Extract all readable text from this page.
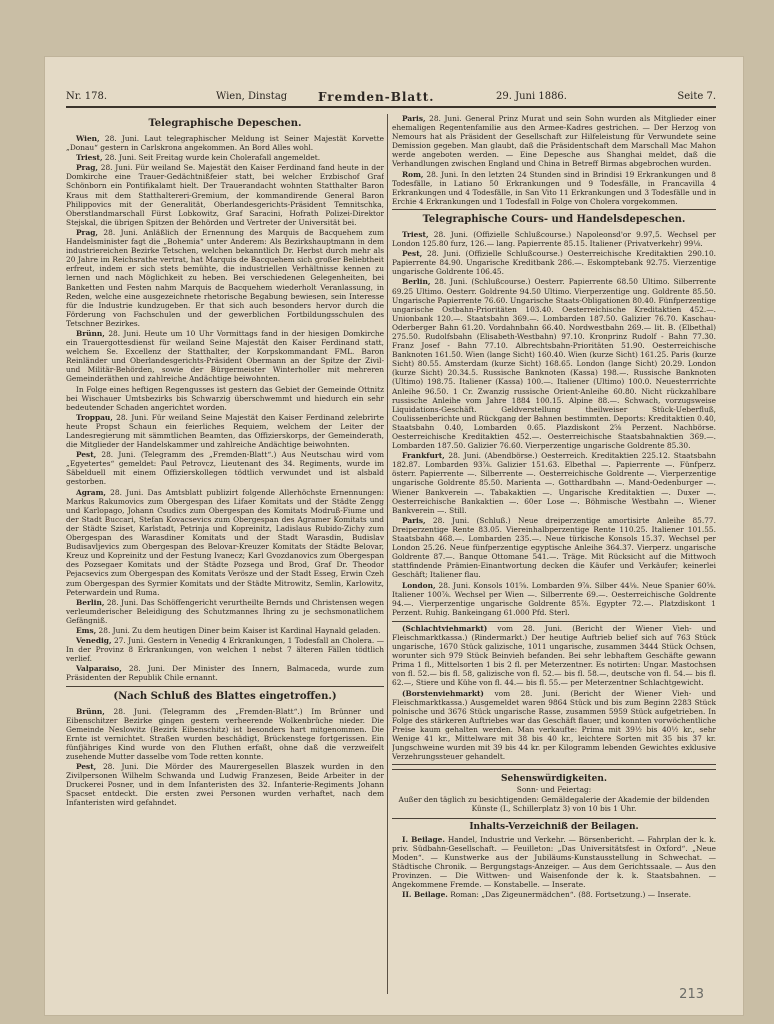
Nr. 178.	Wien, Dinstag	Fremden-Blatt.	29. Juni 1886.	Seite 7.
Telegraphische Depeschen.

Wien, 28. Juni. Laut telegraphischer Meldung ist Seiner Majestät Korvette „Donau“ gestern in Carlskrona angekommen. An Bord Alles wohl.

Triest, 28. Juni. Seit Freitag wurde kein Cholerafall angemeldet.

Prag, 28. Juni. Für weiland Se. Majestät den Kaiser Ferdinand fand heute in der Domkirche eine Trauer-Gedächtnißfeier statt, bei welcher Erzbischof Graf Schönborn ein Pontifikalamt hielt. Der Trauerandacht wohnten Statthalter Baron Kraus mit dem Statthaltereri-Gremium, der kommandirende General Baron Philippovics mit der Generalität, Oberlandesgerichts-Präsident Temnitschka, Oberstlandmarschall Fürst Lobkowitz, Graf Saracini, Hofrath Polizei-Direktor Stejskal, die übrigen Spitzen der Behörden und Vertreter der Universität bei.

Prag, 28. Juni. Anläßlich der Ernennung des Marquis de Bacquehem zum Handelsminister fagt die „Bohemia“ unter Anderem: Als Bezirkshauptmann in dem industriereichen Bezirke Tetschen, welchen bekanntlich Dr. Herbst durch mehr als 20 Jahre im Reichsrathe vertrat, hat Marquis de Bacquehem sich großer Beliebtheit erfreut, indem er sich stets bemühte, die industriellen Verhältnisse kennen zu lernen und nach Möglichkeit zu heben. Bei verschiedenen Gelegenheiten, bei Banketten und Festen nahm Marquis de Bacquehem wiederholt Veranlassung, in Reden, welche eine ausgezeichnete rhetorische Begabung bewiesen, sein Interesse für die Industrie kundzugeben. Er that sich auch besonders hervor durch die Förderung von Fachschulen und der gewerblichen Fortbildungsschulen des Tetschner Bezirkes.

Brünn, 28. Juni. Heute um 10 Uhr Vormittags fand in der hiesigen Domkirche ein Trauergottesdienst für weiland Seine Majestät den Kaiser Ferdinand statt, welchem Se. Excellenz der Statthalter, der Korpskommandant FML. Baron Reinländer und Oberlandesgerichts-Präsident Obermann an der Spitze der Zivil- und Militär-Behörden, sowie der Bürgermeister Winterholler mit mehreren Gemeinderäthen und zahlreiche Andächtige beiwohnten.

In Folge eines heftigen Regengusses ist gestern das Gebiet der Gemeinde Ottnitz bei Wischauer Umtsbezirks bis Schwarzig überschwemmt und hiedurch ein sehr bedeutender Schaden angerichtet worden.

Troppau, 28. Juni. Für weiland Seine Majestät den Kaiser Ferdinand zelebrirte heute Propst Schaun ein feierliches Requiem, welchem der Leiter der Landesregierung mit sämmtlichen Beamten, das Offizierskorps, der Gemeinderath, die Mitglieder der Handelskammer und zahlreiche Andächtige beiwohnten.

Pest, 28. Juni. (Telegramm des „Fremden-Blatt“.) Aus Neutschau wird vom „Egyetertes“ gemeldet: Paul Petrovcz, Lieutenant des 34. Regiments, wurde im Säbelduell mit einem Offizierskollegen tödtlich verwundet und ist alsbald gestorben.

Agram, 28. Juni. Das Amtsblatt publizirt folgende Allerhöchste Ernennungen: Markus Rakumovics zum Obergespan des Lifaer Komitats und der Städte Zengg und Karlopago, Johann Csudics zum Obergespan des Komitats Modruß-Fiume und der Stadt Buccari, Stefan Kovacsevics zum Obergespan des Agramer Komitats und der Städte Sziset, Karlstadt, Petrinja und Kopreinitz, Ladislaus Rubido-Zichy zum Obergespan des Warasdiner Komitats und der Stadt Warasdin, Budislav Budisavljevics zum Obergespan des Belovar-Kreuzer Komitats der Städte Belovar, Kreuz und Kopreinitz und der Festung Ivanecz; Karl Gvozdanovics zum Obergespan des Pozsegaer Komitats und der Städte Pozsega und Brod, Graf Dr. Theodor Pejacsevics zum Obergespan des Komitats Verösze und der Stadt Esseg, Erwin Czeh zum Obergespan des Syrmier Komitats und der Städte Mitrowitz, Semlin, Karlowitz, Peterwardein und Ruma.

Berlin, 28. Juni. Das Schöffengericht verurtheilte Bernds und Christensen wegen verleumderischer Beleidigung des Schutzmannes Ihring zu je sechsmonatlichem Gefängniß.

Ems, 28. Juni. Zu dem heutigen Diner beim Kaiser ist Kardinal Haynald geladen.

Venedig, 27. Juni. Gestern in Venedig 4 Erkrankungen, 1 Todesfall an Cholera. — In der Provinz 8 Erkrankungen, von welchen 1 nebst 7 älteren Fällen tödtlich verlief.

Valparaiso, 28. Juni. Der Minister des Innern, Balmaceda, wurde zum Präsidenten der Republik Chile ernannt.

(Nach Schluß des Blattes eingetroffen.)

Brünn, 28. Juni. (Telegramm des „Fremden-Blatt“.) Im Brünner und Eibenschitzer Bezirke gingen gestern verheerende Wolkenbrüche nieder. Die Gemeinde Neslowitz (Bezirk Eibenschitz) ist besonders hart mitgenommen. Die Ernte ist vernichtet. Straßen wurden beschädigt, Brückenstege fortgerissen. Ein fünfjähriges Kind wurde von den Fluthen erfaßt, ohne daß die verzweifelt zusehende Mutter dasselbe vom Tode retten konnte.

Pest, 28. Juni. Die Mörder des Maurergesellen Blaszek wurden in den Zivilpersonen Wilhelm Schwanda und Ludwig Franzesen, Beide Arbeiter in der Druckerei Posner, und in dem Infanteristen des 32. Infanterie-Regiments Johann Spacset entdeckt. Die ersten zwei Personen wurden verhaftet, nach dem Infanteristen wird gefahndet.

Paris, 28. Juni. General Prinz Murat und sein Sohn wurden als Mitglieder einer ehemaligen Regentenfamilie aus den Armee-Kadres gestrichen. — Der Herzog von Nemours hat als Präsident der Gesellschaft zur Hilfeleistung für Verwundete seine Demission gegeben. Man glaubt, daß die Präsidentschaft dem Marschall Mac Mahon werde angeboten werden. — Eine Depesche aus Shanghai meldet, daß die Verhandlungen zwischen England und China in Betreff Birmas abgebrochen wurden.

Rom, 28. Juni. In den letzten 24 Stunden sind in Brindisi 19 Erkrankungen und 8 Todesfälle, in Latiano 50 Erkrankungen und 9 Todesfälle, in Francavilla 4 Erkrankungen und 4 Todesfälle, in San Vito 11 Erkrankungen und 3 Todesfälle und in Erchie 4 Erkrankungen und 1 Todesfall in Folge von Cholera vorgekommen.

Telegraphische Cours- und Handelsdepeschen.

Triest, 28. Juni. (Offizielle Schlußcourse.) Napoleonsd'or 9.97,5. Wechsel per London 125.80 furz, 126.— lang. Papierrente 85.15. Italiener (Privatverkehr) 99⅛.

Pest, 28. Juni. (Offizielle Schlußcourse.) Oesterreichische Kreditaktien 290.10. Papierrente 84.90. Ungarische Kreditbank 286.—. Eskomptebank 92.75. Vierzentige ungarische Goldrente 106.45.

Berlin, 28. Juni. (Schlußcourse.) Oesterr. Papierrente 68.50 Ultimo. Silberrente 69.25 Ultimo. Oesterr. Goldrente 94.50 Ultimo. Vierperzentige ung. Goldrente 85.50. Ungarische Papierrente 76.60. Ungarische Staats-Obligationen 80.40. Fünfperzentige ungarische Ostbahn-Prioritäten 103.40. Oesterreichische Kreditaktien 452.—. Unionbank 120.—. Staatsbahn 369.—. Lombarden 187.50. Galizier 76.70. Kaschau-Oderberger Bahn 61.20. Vordahnbahn 66.40. Nordwestbahn 269.— lit. B. (Elbethal) 275.50. Rudolfsbahn (Elisabeth-Westbahn) 97.10. Kronprinz Rudolf - Bahn 77.30. Franz Josef - Bahn 77.10. Albrechtsbahn-Prioritäten 51.90. Oesterreichische Banknoten 161.50. Wien (lange Sicht) 160.40. Wien (kurze Sicht) 161.25. Paris (kurze Sicht) 80.55. Amsterdam (kurze Sicht) 168.65. London (lange Sicht) 20.29. London (kurze Sicht) 20.34.5. Russische Banknoten (Kassa) 198.—. Russische Banknoten (Ultimo) 198.75. Italiener (Kassa) 100.—. Italiener (Ultimo) 100.0. Neuesterrrichte Anleihe 96.50. 1 Cr. Zwanzig russische Orient-Anleihe 60.80. Nicht rückzahlbare russische Anleihe vom Jahre 1884 100.15. Alpine 88.—. Schwach, vorzugsweise Liquidations-Geschäft. Geldverstellung theilweiser Stück-Ueberfluß, Coulissenberichte und Rückgang der Bahnen bestimmten. Deports: Kreditaktien 0.40, Staatsbahn 0.40, Lombarden 0.65. Plazdiskont 2⅝ Perzent. Nachbörse. Oesterreichische Kreditaktien 452.—. Oesterreichische Staatsbahnaktien 369.—. Lombarden 187.50. Galizier 76.60. Vierperzentige ungarische Goldrente 85.30.

Frankfurt, 28. Juni. (Abendbörse.) Oesterreich. Kreditaktien 225.12. Staatsbahn 182.87. Lombarden 93⅞. Galizier 151.63. Elbethal —. Papierrente —. Fünfperz. österr. Papierrente —. Silberrente —. Oesterreichische Goldrente —. Vierperzentige ungarische Goldrente 85.50. Marienta —. Gotthardbahn —. Mand-Oedenburger —. Wiener Bankverein —. Tabakaktien —. Ungarische Kreditaktien —. Duxer —. Oesterreichische Bankaktien —. 60er Lose —. Böhmische Westbahn —. Wiener Bankverein —. Still.

Paris, 28. Juni. (Schluß.) Neue dreiperzentige amortisirte Anleihe 85.77. Dreiperzentige Rente 83.05. Viereinhalbperzentige Rente 110.25. Italiener 101.55. Staatsbahn 468.—. Lombarden 235.—. Neue türkische Konsols 15.37. Wechsel per London 25.26. Neue fünfperzentige egyptische Anleihe 364.37. Vierperz. ungarische Goldrente 87.—. Banque Ottomane 541.—. Träge. Mit Rücksicht auf die Mittwoch stattfindende Prämien-Einantwortung decken die Käufer und Verkäufer; keinerlei Geschäft; Italiener flau.

London, 28. Juni. Konsols 101⅝. Lombarden 9⅞. Silber 44⅛. Neue Spanier 60⅝. Italiener 100⅞. Wechsel per Wien —. Silberrente 69.—. Oesterreichische Goldrente 94.—. Vierperzentige ungarische Goldrente 85⅞. Egypter 72.—. Platzdiskont 1 Perzent. Ruhig. Bankeingang 61.000 Pfd. Sterl.

(Schlachtviehmarkt) vom 28. Juni. (Bericht der Wiener Vieh- und Fleischmarktkassa.) (Rindermarkt.) Der heutige Auftrieb belief sich auf 763 Stück ungarische, 1670 Stück galizische, 1011 ungarische, zusammen 3444 Stück Ochsen, worunter sich 979 Stück Beinvieh befanden. Bei sehr lebhaftem Geschäfte gewann Prima 1 fl., Mittelsorten 1 bis 2 fl. per Meterzentner. Es notirten: Ungar. Mastochsen von fl. 52.— bis fl. 58, galizische von fl. 52.— bis fl. 58.—, deutsche von fl. 54.— bis fl. 62.—, Stiere und Kühe von fl. 44.— bis fl. 55.— per Meterzentner Schlachtgewicht.

(Borstenviehmarkt) vom 28. Juni. (Bericht der Wiener Vieh- und Fleischmarktkassa.) Ausgemeldet waren 9864 Stück und bis zum Beginn 2283 Stück polnische und 3676 Stück ungarische Rasse, zusammen 5959 Stück aufgetrieben. In Folge des stärkeren Auftriebes war das Geschäft flauer, und konnten vorwöchentliche Preise kaum gehalten werden. Man verkaufte: Prima mit 39½ bis 40½ kr., sehr Wenige 41 kr., Mittelware mit 38 bis 40 kr., leichtere Sorten mit 35 bis 37 kr. Jungschweine wurden mit 39 bis 44 kr. per Kilogramm lebenden Gewichtes exklusive Verzehrungssteuer gehandelt.

Sehenswürdigkeiten.
Sonn- und Feiertag:
Außer den täglich zu besichtigenden: Gemäldegalerie der Akademie der bildenden Künste (I., Schillerplatz 3) von 10 bis 1 Uhr.
Inhalts-Verzeichniß der Beilagen.

I. Beilage. Handel, Industrie und Verkehr. — Börsenbericht. — Fahrplan der k. k. priv. Südbahn-Gesellschaft. — Feuilleton: „Das Universitätsfest in Oxford“. „Neue Moden“. — Kunstwerke aus der Jubiläums-Kunstausstellung in Schwechat. — Städtische Chronik. — Bergungstags-Anzeiger. — Aus dem Gerichtssaale. — Aus den Provinzen. — Die Wittwen- und Waisenfonde der k. k. Staatsbahnen. — Angekommene Fremde. — Konstabelle. — Inserate.

II. Beilage. Roman: „Das Zigeunermädchen“. (88. Fortsetzung.) — Inserate.

213
